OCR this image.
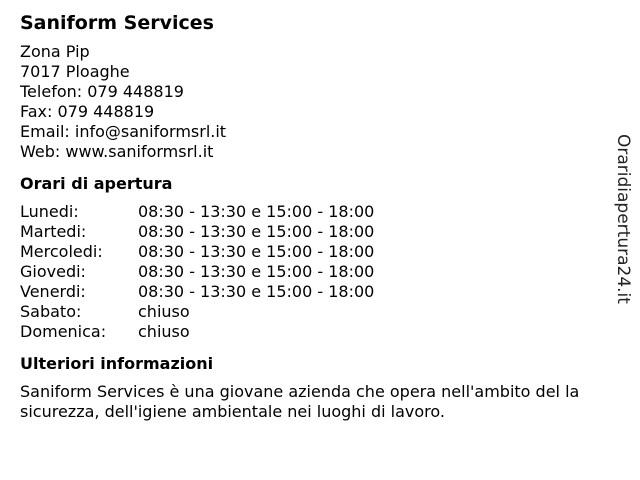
Saniform Services
Zona Pip
7017 Ploaghe
Telefon: 079 448819
Fax: 079 448819
Email: info@saniformsrl.it
Web: www.saniformsrl.it
Orari di apertura
Lunedi:	08:30 - 13:30 e 15:00 - 18:00
Martedi:	08:30 - 13:30 e 15:00 - 18:00
Mercoledi:	08:30 - 13:30 e 15:00 - 18:00
Giovedi:	08:30 - 13:30 e 15:00 - 18:00
Venerdi:	08:30 - 13:30 e 15:00 - 18:00
Sabato:	chiuso
Domenica:	chiuso
Ulteriori informazioni
Saniform Services è una giovane azienda che opera nell'ambito del la sicurezza, dell'igiene ambientale nei luoghi di lavoro.
Oraridiapertura24.it
